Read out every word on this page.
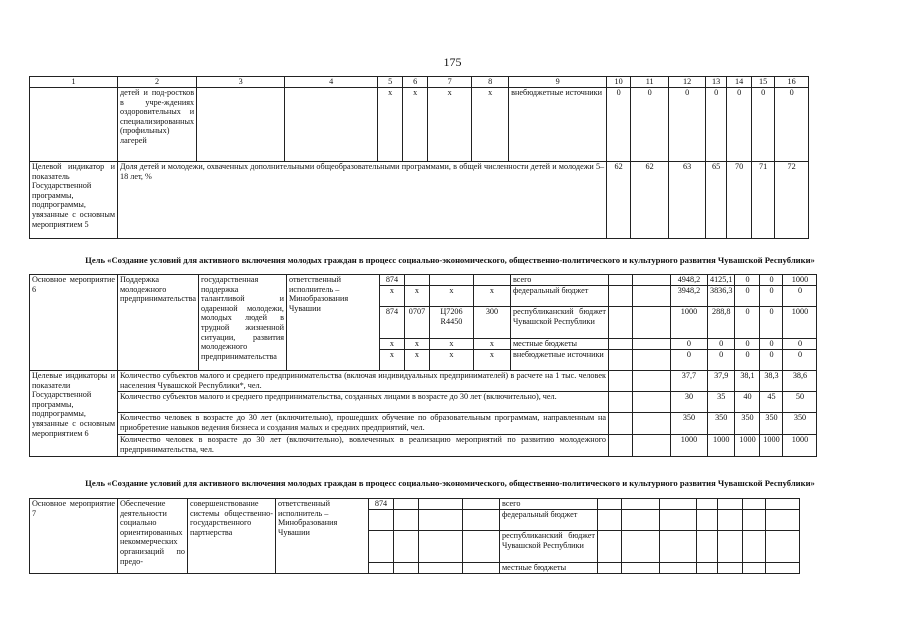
175
1	2	3	4	5	6	7	8	9	10	11	12	13	14	15	16
	детей и под-ростков в учре-ждениях оздоровительных и специализированных (профильных) лагерей			х	х	х	х	внебюджетные источники	0	0	0	0	0	0	0
Целевой индикатор и показатель Государственной программы, подпрограммы, увязанные с основным мероприятием 5	Доля детей и молодежи, охваченных дополнительными общеобразовательными программами, в общей численности детей и молодежи 5–18 лет, %								62	62	63	65	70	71	72
Цель «Создание условий для активного включения молодых граждан в процесс социально-экономического, общественно-политического и культурного развития Чувашской Республики»
Основное мероприятие 6	Поддержка молодежного предпринимательства	государственная поддержка талантливой и одаренной молодежи, молодых людей в трудной жизненной ситуации, развития молодежного предпринимательства	ответственный исполнитель – Минобразования Чувашии	874				всего			4948,2	4125,1	0	0	1000
				х	х	х	х	федеральный бюджет			3948,2	3836,3	0	0	0
				874	0707	Ц7206 R4450	300	республиканский бюджет Чувашской Республики			1000	288,8	0	0	1000
				х	х	х	х	местные бюджеты			0	0	0	0	0
				х	х	х	х	внебюджетные источники			0	0	0	0	0
Целевые индикаторы и показатели Государственной программы, подпрограммы, увязанные с основным мероприятием 6	Количество субъектов малого и среднего предпринимательства (включая индивидуальных предпринимателей) в расчете на 1 тыс. человек населения Чувашской Республики*, чел.										37,7	37,9	38,1	38,3	38,6
	Количество субъектов малого и среднего предпринимательства, созданных лицами в возрасте до 30 лет (включительно), чел.										30	35	40	45	50
	Количество человек в возрасте до 30 лет (включительно), прошедших обучение по образовательным программам, направленным на приобретение навыков ведения бизнеса и создания малых и средних предприятий, чел.										350	350	350	350	350
	Количество человек в возрасте до 30 лет (включительно), вовлеченных в реализацию мероприятий по развитию молодежного предпринимательства, чел.										1000	1000	1000	1000	1000
Цель «Создание условий для активного включения молодых граждан в процесс социально-экономического, общественно-политического и культурного развития Чувашской Республики»
Основное мероприятие 7	Обеспечение деятельности социально ориентированных некоммерческих организаций по предо-	совершенствование системы общественно-государственного партнерства	ответственный исполнитель – Минобразования Чувашии	874				всего							
								федеральный бюджет							
								республиканский бюджет Чувашской Республики							
								местные бюджеты							
